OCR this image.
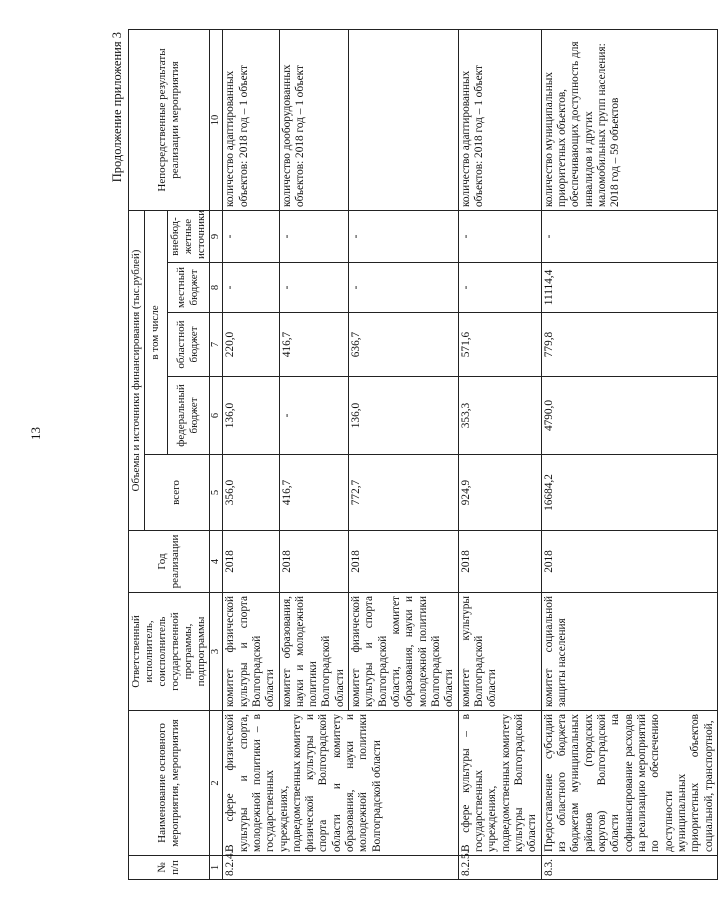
13
Продолжение приложения 3
№ п/п	Наименование основного мероприятия, мероприятия	Ответственный исполнитель, соисполнитель государственной программы, подпрограммы	Год реализации	Объемы и источники финансирования (тыс.рублей)					Непосредственные результаты реализации мероприятия
				всего	в том числе				
					федеральный бюджет	областной бюджет	местный бюджет	внебюд-жетные источники	
1	2	3	4	5	6	7	8	9	10
8.2.4.	В сфере физической культуры и спорта, молодежной политики – в государственных учреждениях, подведомственных комитету физической культуры и спорта Волгоградской области и комитету образования, науки и молодежной политики Волгоградской области	комитет физической культуры и спорта Волгоградской области	2018	356,0	136,0	220,0	-	-	количество адаптированных объектов: 2018 год – 1 объект
		комитет образования, науки и молодежной политики Волгоградской области	2018	416,7	-	416,7	-	-	количество дооборудованных объектов: 2018 год – 1 объект
		комитет физической культуры и спорта Волгоградской области, комитет образования, науки и молодежной политики Волгоградской области	2018	772,7	136,0	636,7	-	-	
8.2.5.	В сфере культуры – в государственных учреждениях, подведомственных комитету культуры Волгоградской области	комитет культуры Волгоградской области	2018	924,9	353,3	571,6	-	-	количество адаптированных объектов: 2018 год – 1 объект
8.3.	Предоставление субсидий из областного бюджета бюджетам муниципальных районов (городских округов) Волгоградской области на софинансирование расходов на реализацию мероприятий по обеспечению доступности муниципальных приоритетных объектов социальной, транспортной,	комитет социальной защиты населения	2018	16684,2	4790,0	779,8	11114,4	-	количество муниципальных приоритетных объектов, обеспечивающих доступность для инвалидов и других маломобильных групп населения: 2018 год – 59 объектов
